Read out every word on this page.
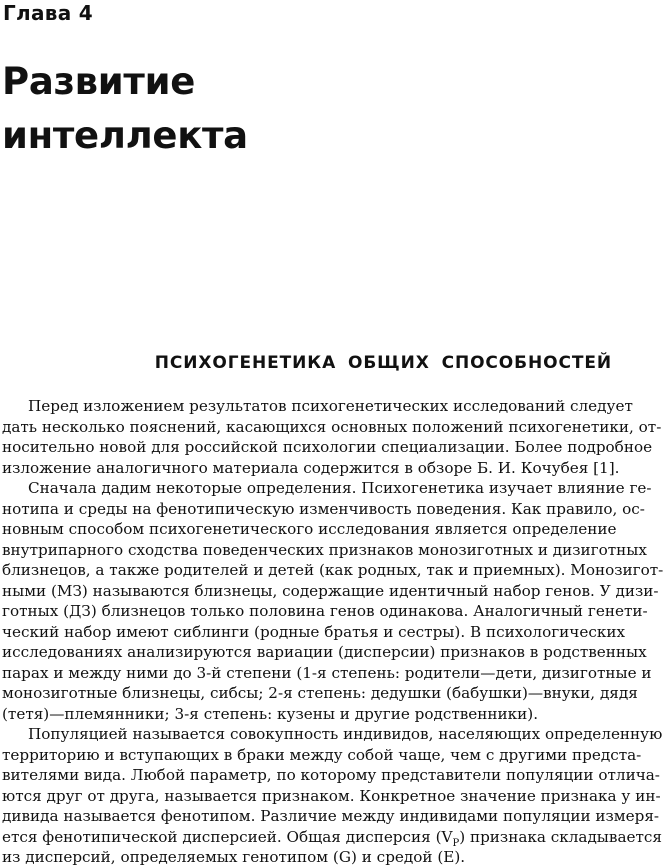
Глава 4
Развитие
интеллекта
ПСИХОГЕНЕТИКА ОБЩИХ СПОСОБНОСТЕЙ
Перед изложением результатов психогенетических исследований следует
дать несколько пояснений, касающихся основных положений психогенетики, от-
носительно новой для российской психологии специализации. Более подробное
изложение аналогичного материала содержится в обзоре Б. И. Кочубея [1].
Сначала дадим некоторые определения. Психогенетика изучает влияние ге-
нотипа и среды на фенотипическую изменчивость поведения. Как правило, ос-
новным способом психогенетического исследования является определение
внутрипарного сходства поведенческих признаков монозиготных и дизиготных
близнецов, а также родителей и детей (как родных, так и приемных). Монозигот-
ными (МЗ) называются близнецы, содержащие идентичный набор генов. У дизи-
готных (ДЗ) близнецов только половина генов одинакова. Аналогичный генети-
ческий набор имеют сиблинги (родные братья и сестры). В психологических
исследованиях анализируются вариации (дисперсии) признаков в родственных
парах и между ними до 3-й степени (1-я степень: родители—дети, дизиготные и
монозиготные близнецы, сибсы; 2-я степень: дедушки (бабушки)—внуки, дядя
(тетя)—племянники; 3-я степень: кузены и другие родственники).
Популяцией называется совокупность индивидов, населяющих определенную
территорию и вступающих в браки между собой чаще, чем с другими предста-
вителями вида. Любой параметр, по которому представители популяции отлича-
ются друг от друга, называется признаком. Конкретное значение признака у ин-
дивида называется фенотипом. Различие между индивидами популяции измеря-
ется фенотипической дисперсией. Общая дисперсия $(V_P)$ признака складывается
из дисперсий, определяемых генотипом (G) и средой (E).
